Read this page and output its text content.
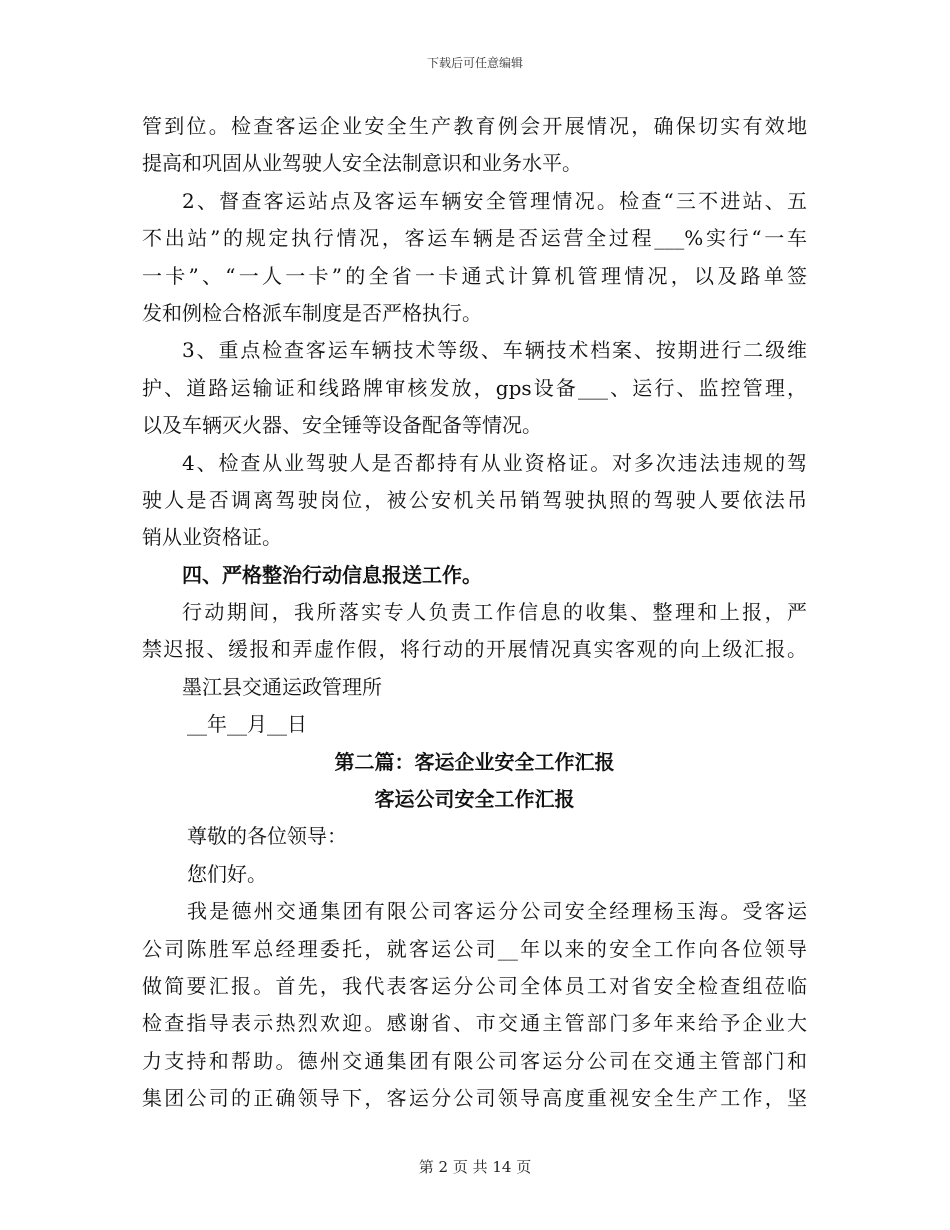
下载后可任意编辑
管到位。检查客运企业安全生产教育例会开展情况，确保切实有效地
提高和巩固从业驾驶人安全法制意识和业务水平。
2、督查客运站点及客运车辆安全管理情况。检查“三不进站、五
不出站”的规定执行情况，客运车辆是否运营全过程___%实行“一车
一卡”、“一人一卡”的全省一卡通式计算机管理情况，以及路单签
发和例检合格派车制度是否严格执行。
3、重点检查客运车辆技术等级、车辆技术档案、按期进行二级维
护、道路运输证和线路牌审核发放，gps设备___、运行、监控管理，
以及车辆灭火器、安全锤等设备配备等情况。
4、检查从业驾驶人是否都持有从业资格证。对多次违法违规的驾
驶人是否调离驾驶岗位，被公安机关吊销驾驶执照的驾驶人要依法吊
销从业资格证。
四、严格整治行动信息报送工作。
行动期间，我所落实专人负责工作信息的收集、整理和上报，严
禁迟报、缓报和弄虚作假，将行动的开展情况真实客观的向上级汇报。
墨江县交通运政管理所
__年__月__日
第二篇：客运企业安全工作汇报
客运公司安全工作汇报
尊敬的各位领导：
您们好。
我是德州交通集团有限公司客运分公司安全经理杨玉海。受客运
公司陈胜军总经理委托，就客运公司__年以来的安全工作向各位领导
做简要汇报。首先，我代表客运分公司全体员工对省安全检查组莅临
检查指导表示热烈欢迎。感谢省、市交通主管部门多年来给予企业大
力支持和帮助。德州交通集团有限公司客运分公司在交通主管部门和
集团公司的正确领导下，客运分公司领导高度重视安全生产工作，坚
第 2 页 共 14 页
